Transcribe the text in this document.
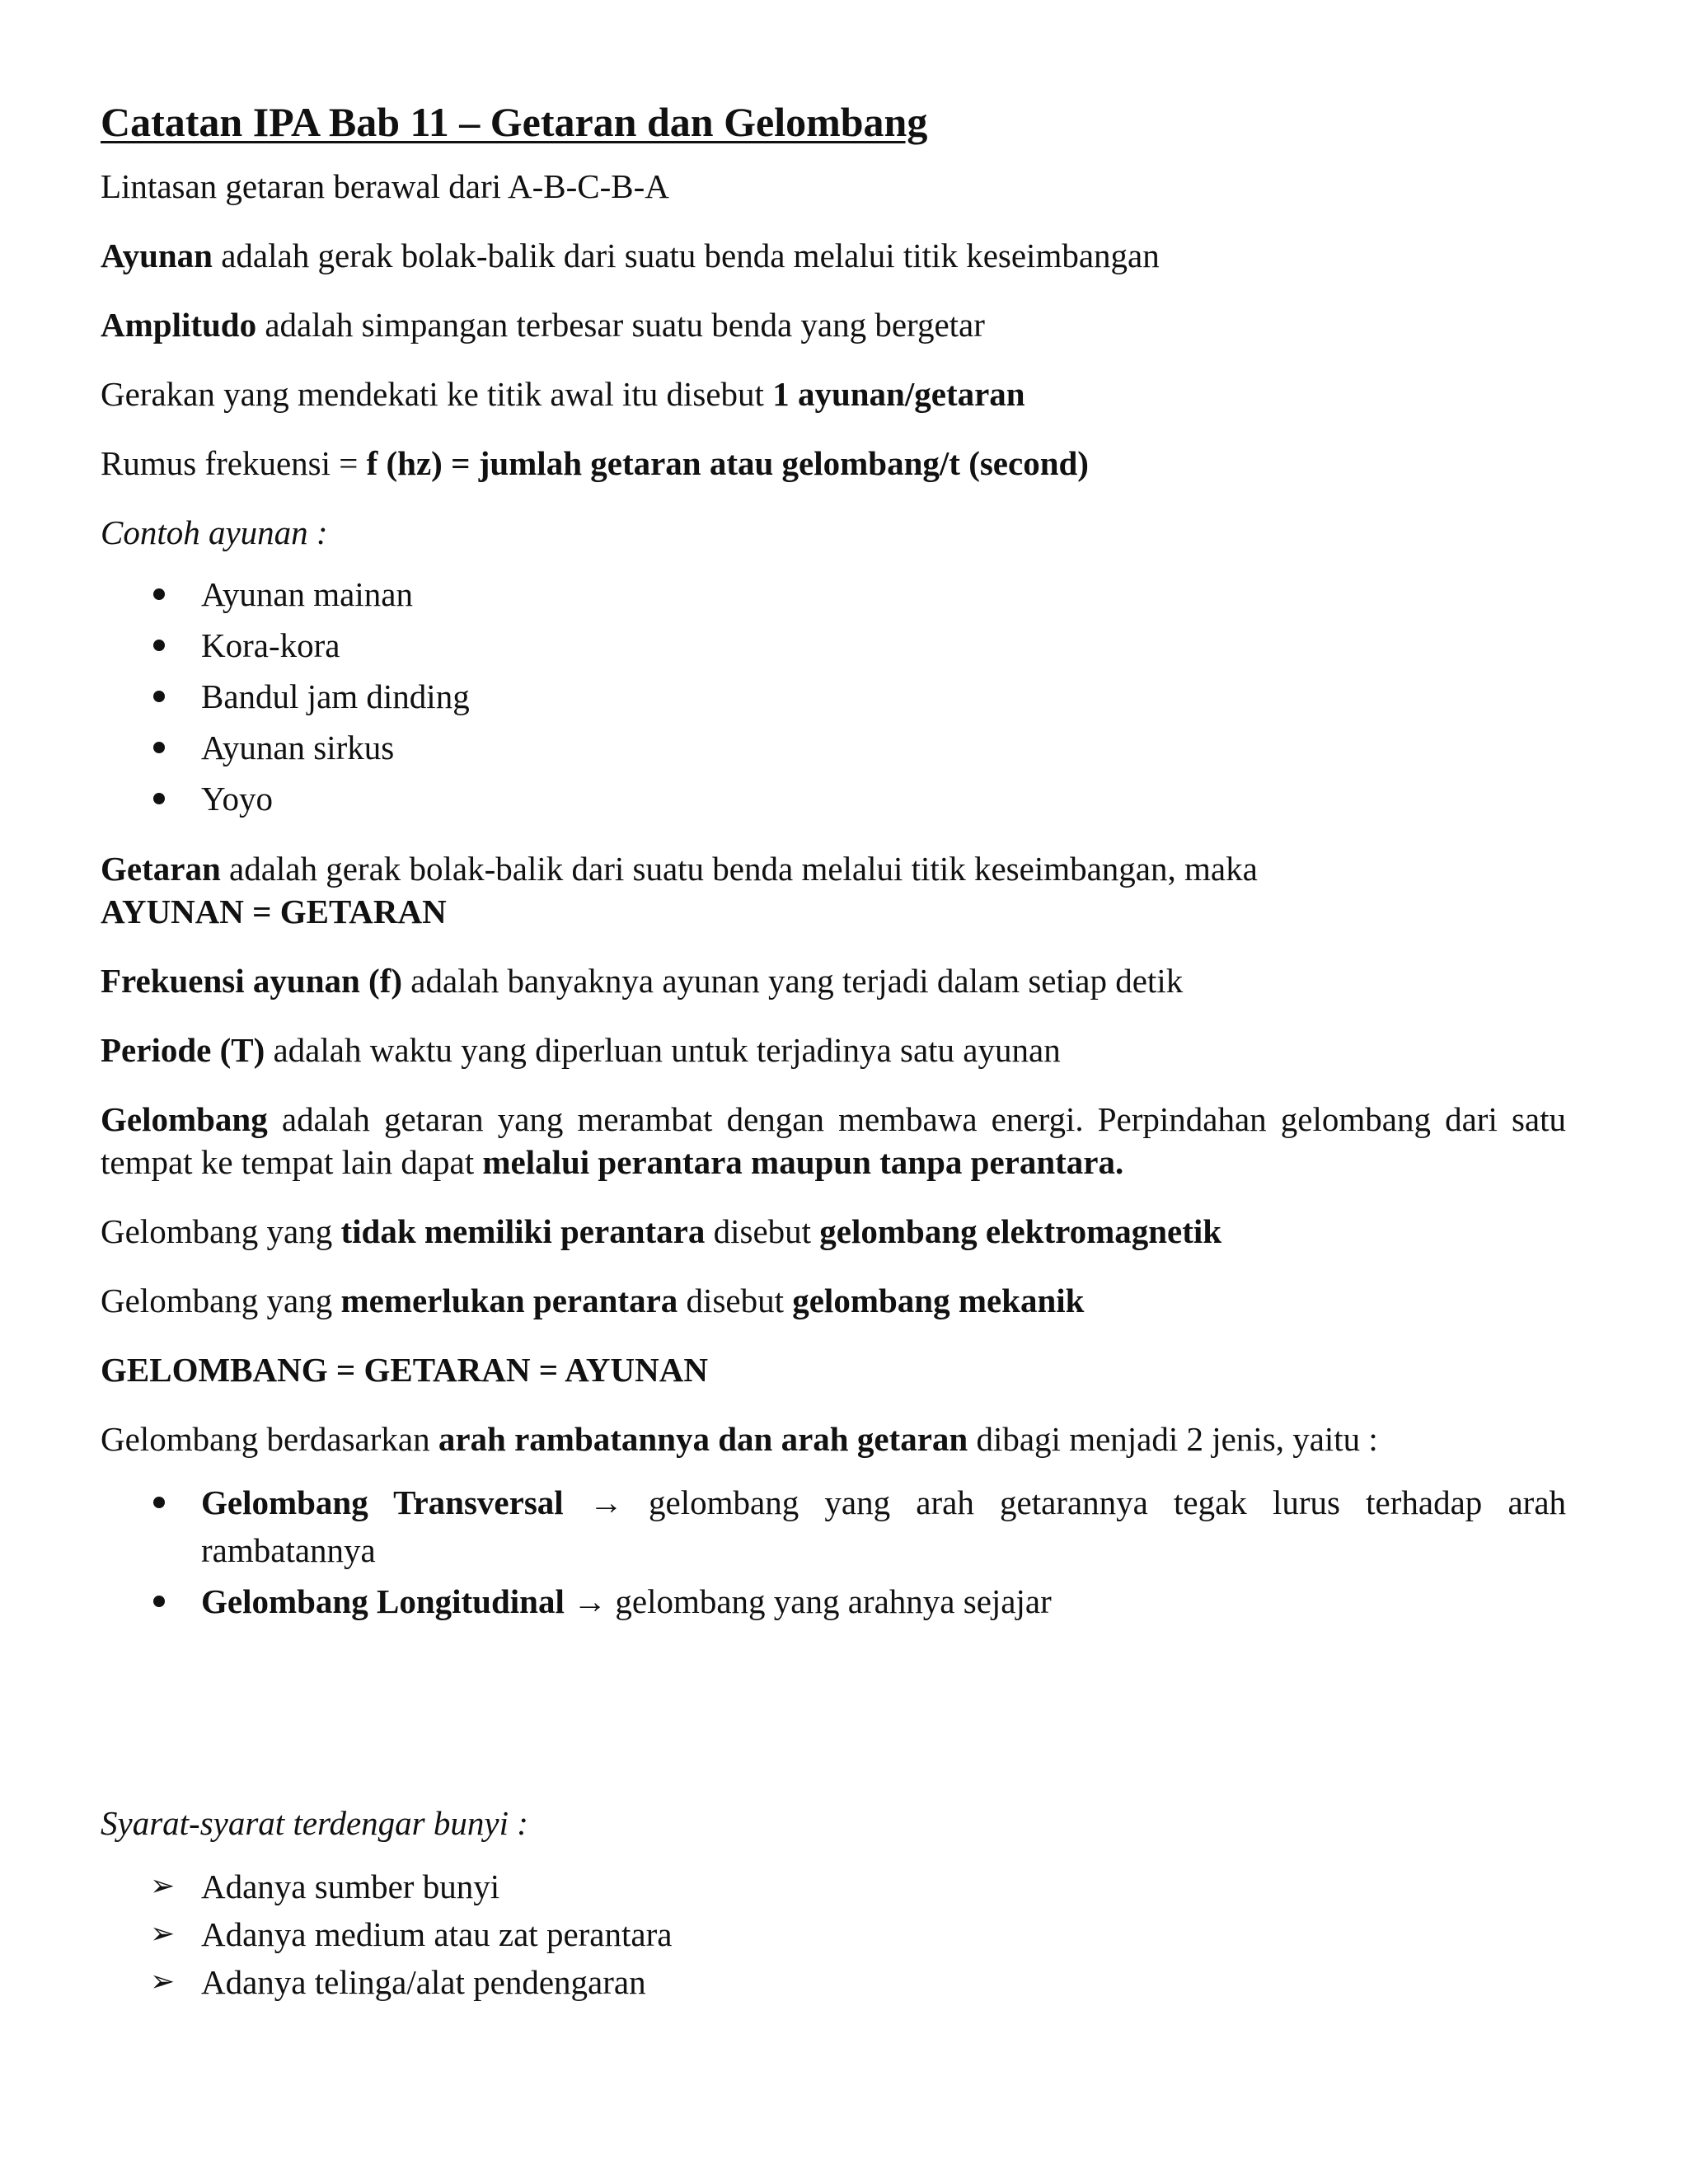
Catatan IPA Bab 11 – Getaran dan Gelombang

Lintasan getaran berawal dari A-B-C-B-A

Ayunan adalah gerak bolak-balik dari suatu benda melalui titik keseimbangan

Amplitudo adalah simpangan terbesar suatu benda yang bergetar

Gerakan yang mendekati ke titik awal itu disebut 1 ayunan/getaran

Rumus frekuensi = f (hz) = jumlah getaran atau gelombang/t (second)

Contoh ayunan :

Ayunan mainan
Kora-kora
Bandul jam dinding
Ayunan sirkus
Yoyo

Getaran adalah gerak bolak-balik dari suatu benda melalui titik keseimbangan, maka
AYUNAN = GETARAN

Frekuensi ayunan (f) adalah banyaknya ayunan yang terjadi dalam setiap detik

Periode (T) adalah waktu yang diperluan untuk terjadinya satu ayunan

Gelombang adalah getaran yang merambat dengan membawa energi. Perpindahan gelombang dari satu tempat ke tempat lain dapat melalui perantara maupun tanpa perantara.

Gelombang yang tidak memiliki perantara disebut gelombang elektromagnetik

Gelombang yang memerlukan perantara disebut gelombang mekanik

GELOMBANG = GETARAN = AYUNAN

Gelombang berdasarkan arah rambatannya dan arah getaran dibagi menjadi 2 jenis, yaitu :

Gelombang Transversal → gelombang yang arah getarannya tegak lurus terhadap arah rambatannya
Gelombang Longitudinal → gelombang yang arahnya sejajar

Syarat-syarat terdengar bunyi :

➢ Adanya sumber bunyi
➢ Adanya medium atau zat perantara
➢ Adanya telinga/alat pendengaran
